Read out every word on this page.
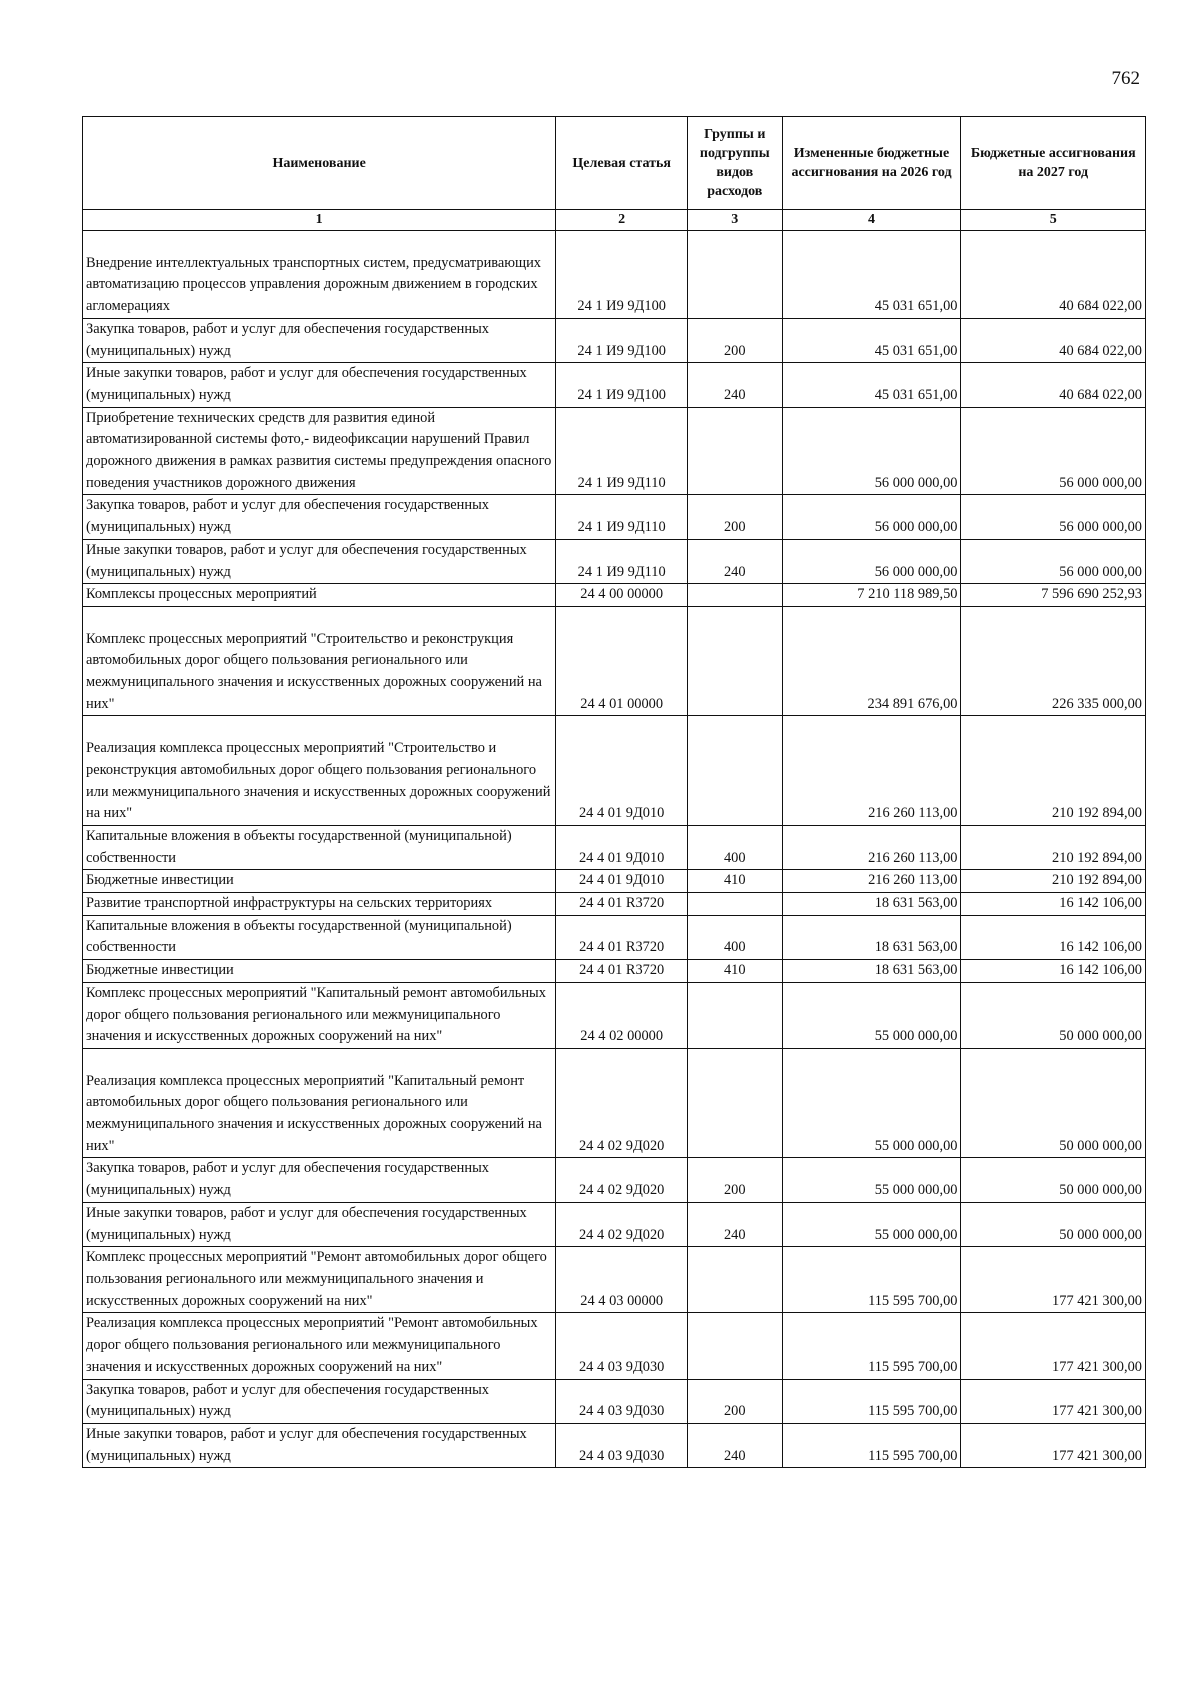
762
Наименование	Целевая статья	Группы и подгруппы видов расходов	Измененные бюджетные ассигнования на 2026 год	Бюджетные ассигнования на 2027 год
1	2	3	4	5

Внедрение интеллектуальных транспортных систем, предусматривающих автоматизацию процессов управления дорожным движением в городских агломерациях	24 1 И9 9Д100		45 031 651,00	40 684 022,00
Закупка товаров, работ и услуг для обеспечения государственных (муниципальных) нужд	24 1 И9 9Д100	200	45 031 651,00	40 684 022,00
Иные закупки товаров, работ и услуг для обеспечения государственных (муниципальных) нужд	24 1 И9 9Д100	240	45 031 651,00	40 684 022,00
Приобретение технических средств для развития единой автоматизированной системы фото,- видеофиксации нарушений Правил дорожного движения в рамках развития системы предупреждения опасного поведения участников дорожного движения	24 1 И9 9Д110		56 000 000,00	56 000 000,00
Закупка товаров, работ и услуг для обеспечения государственных (муниципальных) нужд	24 1 И9 9Д110	200	56 000 000,00	56 000 000,00
Иные закупки товаров, работ и услуг для обеспечения государственных (муниципальных) нужд	24 1 И9 9Д110	240	56 000 000,00	56 000 000,00
Комплексы процессных мероприятий	24 4 00 00000		7 210 118 989,50	7 596 690 252,93

Комплекс процессных мероприятий "Строительство и реконструкция автомобильных дорог общего пользования регионального или межмуниципального значения и искусственных дорожных сооружений на них"	24 4 01 00000		234 891 676,00	226 335 000,00

Реализация комплекса процессных мероприятий "Строительство и реконструкция автомобильных дорог общего пользования регионального или межмуниципального значения и искусственных дорожных сооружений на них"	24 4 01 9Д010		216 260 113,00	210 192 894,00
Капитальные вложения в объекты государственной (муниципальной) собственности	24 4 01 9Д010	400	216 260 113,00	210 192 894,00
Бюджетные инвестиции	24 4 01 9Д010	410	216 260 113,00	210 192 894,00
Развитие транспортной инфраструктуры на сельских территориях	24 4 01 R3720		18 631 563,00	16 142 106,00
Капитальные вложения в объекты государственной (муниципальной) собственности	24 4 01 R3720	400	18 631 563,00	16 142 106,00
Бюджетные инвестиции	24 4 01 R3720	410	18 631 563,00	16 142 106,00
Комплекс процессных мероприятий "Капитальный ремонт автомобильных дорог общего пользования регионального или межмуниципального значения и искусственных дорожных сооружений на них"	24 4 02 00000		55 000 000,00	50 000 000,00

Реализация комплекса процессных мероприятий "Капитальный ремонт автомобильных дорог общего пользования регионального или межмуниципального значения и искусственных дорожных сооружений на них"	24 4 02 9Д020		55 000 000,00	50 000 000,00
Закупка товаров, работ и услуг для обеспечения государственных (муниципальных) нужд	24 4 02 9Д020	200	55 000 000,00	50 000 000,00
Иные закупки товаров, работ и услуг для обеспечения государственных (муниципальных) нужд	24 4 02 9Д020	240	55 000 000,00	50 000 000,00
Комплекс процессных мероприятий "Ремонт автомобильных дорог общего пользования регионального или межмуниципального значения и искусственных дорожных сооружений на них"	24 4 03 00000		115 595 700,00	177 421 300,00
Реализация комплекса процессных мероприятий "Ремонт автомобильных дорог общего пользования регионального или межмуниципального значения и искусственных дорожных сооружений на них"	24 4 03 9Д030		115 595 700,00	177 421 300,00
Закупка товаров, работ и услуг для обеспечения государственных (муниципальных) нужд	24 4 03 9Д030	200	115 595 700,00	177 421 300,00
Иные закупки товаров, работ и услуг для обеспечения государственных (муниципальных) нужд	24 4 03 9Д030	240	115 595 700,00	177 421 300,00
